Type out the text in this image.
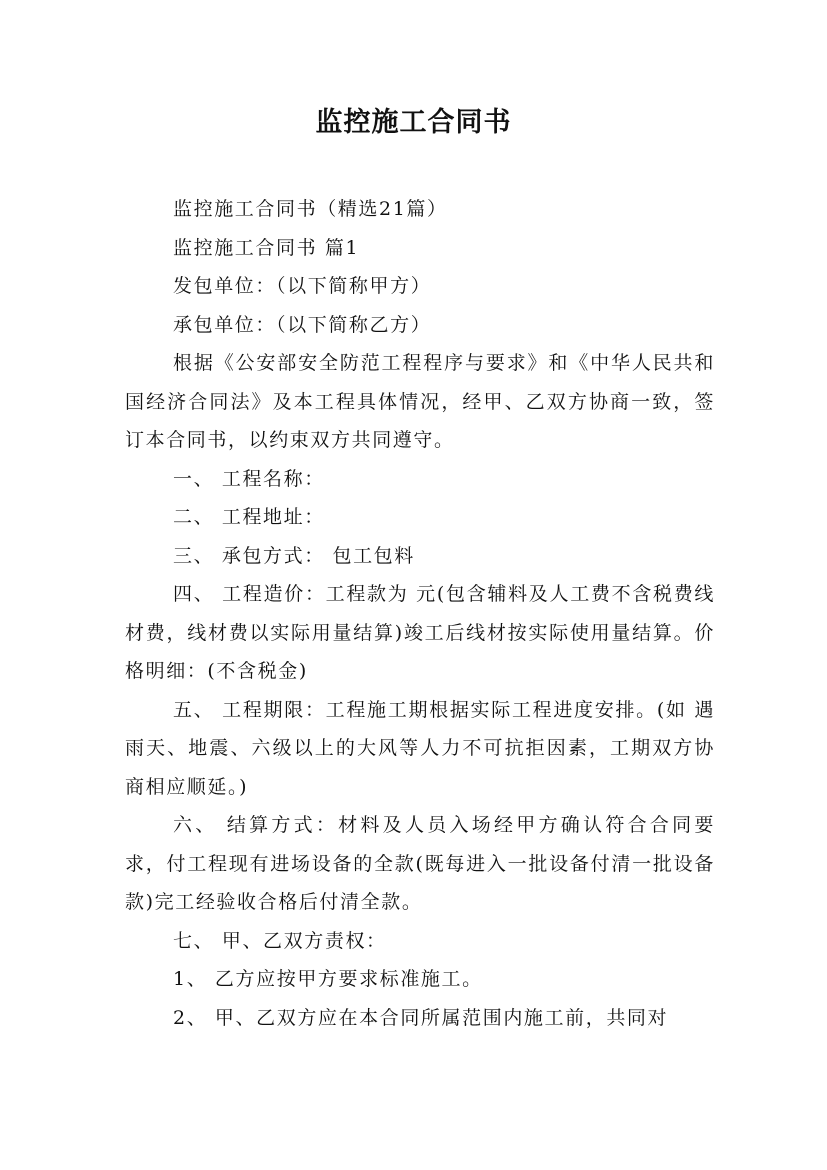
监控施工合同书

监控施工合同书（精选21篇）

监控施工合同书 篇1

发包单位：（以下简称甲方）

承包单位：（以下简称乙方）

根据《公安部安全防范工程程序与要求》和《中华人民共和国经济合同法》及本工程具体情况，经甲、乙双方协商一致，签订本合同书，以约束双方共同遵守。

一、 工程名称：

二、 工程地址：

三、 承包方式： 包工包料

四、 工程造价：工程款为 元(包含辅料及人工费不含税费线材费，线材费以实际用量结算)竣工后线材按实际使用量结算。价格明细：(不含税金)

五、 工程期限：工程施工期根据实际工程进度安排。(如 遇雨天、地震、六级以上的大风等人力不可抗拒因素，工期双方协商相应顺延。)

六、 结算方式：材料及人员入场经甲方确认符合合同要求，付工程现有进场设备的全款(既每进入一批设备付清一批设备款)完工经验收合格后付清全款。

七、 甲、乙双方责权：

1、 乙方应按甲方要求标准施工。

2、 甲、乙双方应在本合同所属范围内施工前，共同对
